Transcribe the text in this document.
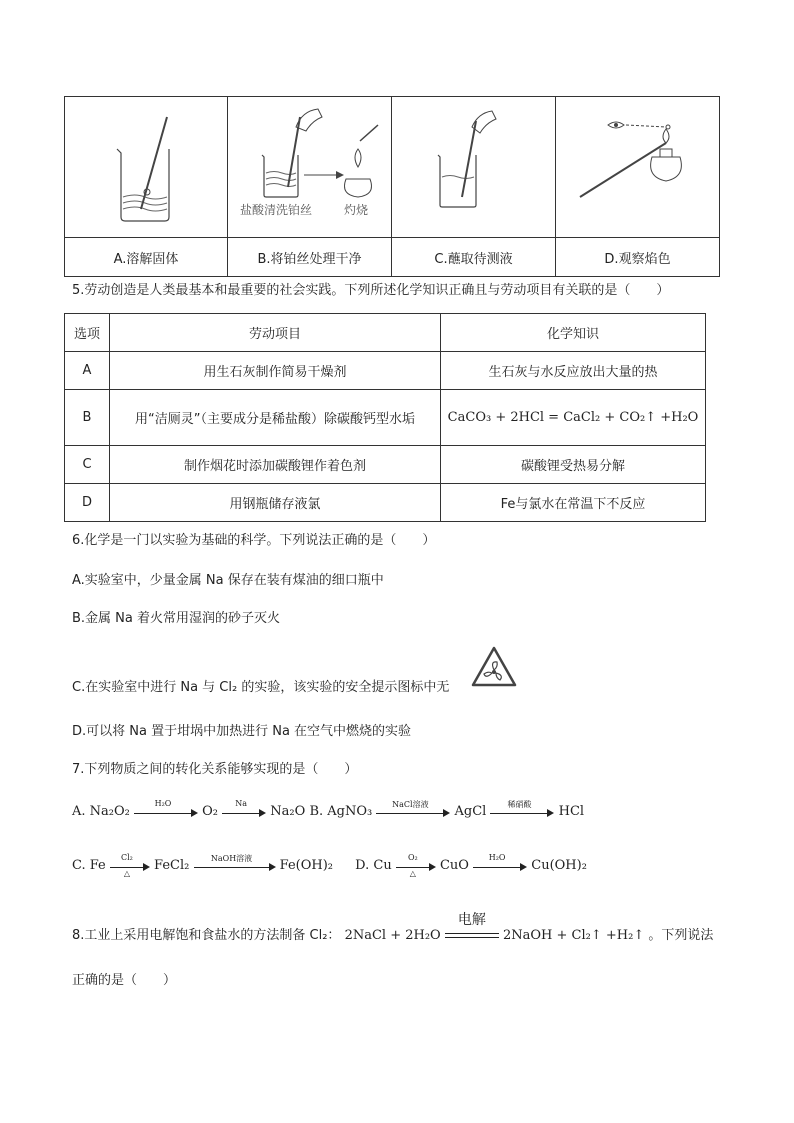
盐酸清洗铂丝 灼烧

A.溶解固体	B.将铂丝处理干净	C.蘸取待测液	D.观察焰色
5.劳动创造是人类最基本和最重要的社会实践。下列所述化学知识正确且与劳动项目有关联的是（　　）
选项	劳动项目	化学知识
A	用生石灰制作简易干燥剂	生石灰与水反应放出大量的热
B	用“洁厕灵”（主要成分是稀盐酸）除碳酸钙型水垢	CaCO₃ + 2HCl = CaCl₂ + CO₂↑ +H₂O
C	制作烟花时添加碳酸锂作着色剂	碳酸锂受热易分解
D	用钢瓶储存液氯	Fe与氯水在常温下不反应
6.化学是一门以实验为基础的科学。下列说法正确的是（　　）
A.实验室中，少量金属 Na 保存在装有煤油的细口瓶中
B.金属 Na 着火常用湿润的砂子灭火
C.在实验室中进行 Na 与 Cl₂ 的实验，该实验的安全提示图标中无
D.可以将 Na 置于坩埚中加热进行 Na 在空气中燃烧的实验
7.下列物质之间的转化关系能够实现的是（　　）
A. Na₂O₂
H₂O
O₂
Na
Na₂O B. AgNO₃	NaCl溶液	AgCl	稀硝酸	HCl
C. Fe
Cl₂
△	FeCl₂	NaOH溶液	Fe(OH)₂ D. Cu
O₂
△	CuO
H₂O
Cu(OH)₂
8.工业上采用电解饱和食盐水的方法制备 Cl₂： 2NaCl + 2H₂O
电解
2NaOH + Cl₂↑ +H₂↑ 。下列说法
正确的是（　　）
